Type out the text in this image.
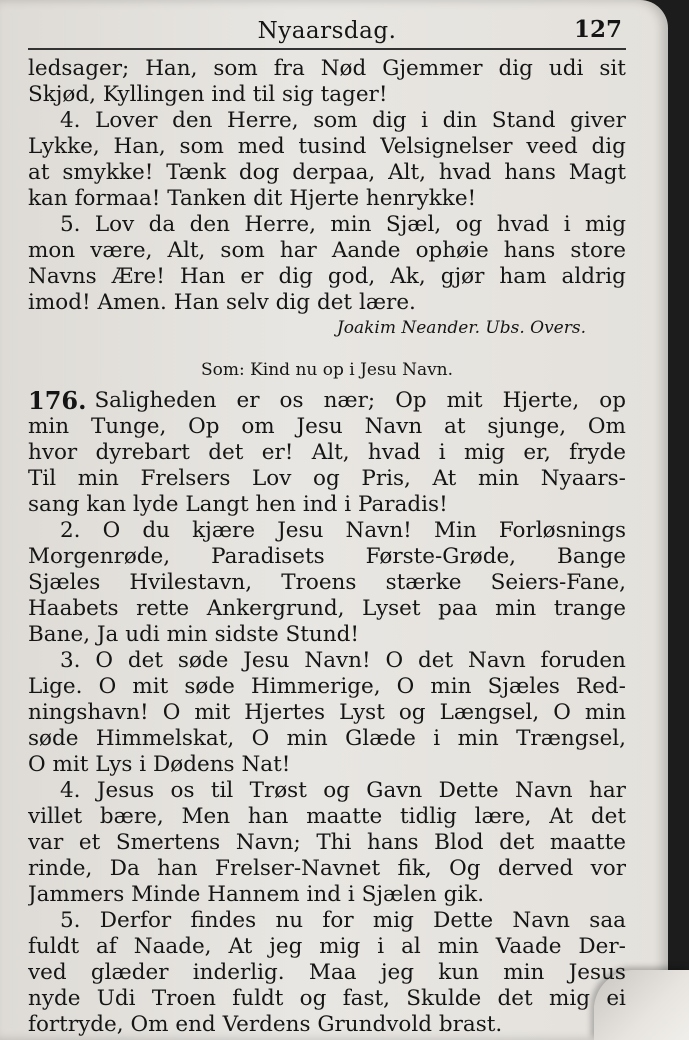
Nyaarsdag.	127
ledsager; Han, som fra Nød Gjemmer dig udi sit
Skjød, Kyllingen ind til sig tager!
4. Lover den Herre, som dig i din Stand giver
Lykke, Han, som med tusind Velsignelser veed dig
at smykke! Tænk dog derpaa, Alt, hvad hans Magt
kan formaa! Tanken dit Hjerte henrykke!
5. Lov da den Herre, min Sjæl, og hvad i mig
mon være, Alt, som har Aande ophøie hans store
Navns Ære! Han er dig god, Ak, gjør ham aldrig
imod! Amen. Han selv dig det lære.
Joakim Neander. Ubs. Overs.
Som: Kind nu op i Jesu Navn.
176. Saligheden er os nær; Op mit Hjerte, op
min Tunge, Op om Jesu Navn at sjunge, Om
hvor dyrebart det er! Alt, hvad i mig er, fryde
Til min Frelsers Lov og Pris, At min Nyaars-
sang kan lyde Langt hen ind i Paradis!
2. O du kjære Jesu Navn! Min Forløsnings
Morgenrøde, Paradisets Første-Grøde, Bange
Sjæles Hvilestavn, Troens stærke Seiers-Fane,
Haabets rette Ankergrund, Lyset paa min trange
Bane, Ja udi min sidste Stund!
3. O det søde Jesu Navn! O det Navn foruden
Lige. O mit søde Himmerige, O min Sjæles Red-
ningshavn! O mit Hjertes Lyst og Længsel, O min
søde Himmelskat, O min Glæde i min Trængsel,
O mit Lys i Dødens Nat!
4. Jesus os til Trøst og Gavn Dette Navn har
villet bære, Men han maatte tidlig lære, At det
var et Smertens Navn; Thi hans Blod det maatte
rinde, Da han Frelser-Navnet fik, Og derved vor
Jammers Minde Hannem ind i Sjælen gik.
5. Derfor findes nu for mig Dette Navn saa
fuldt af Naade, At jeg mig i al min Vaade Der-
ved glæder inderlig. Maa jeg kun min Jesus
nyde Udi Troen fuldt og fast, Skulde det mig ei
fortryde, Om end Verdens Grundvold brast.
